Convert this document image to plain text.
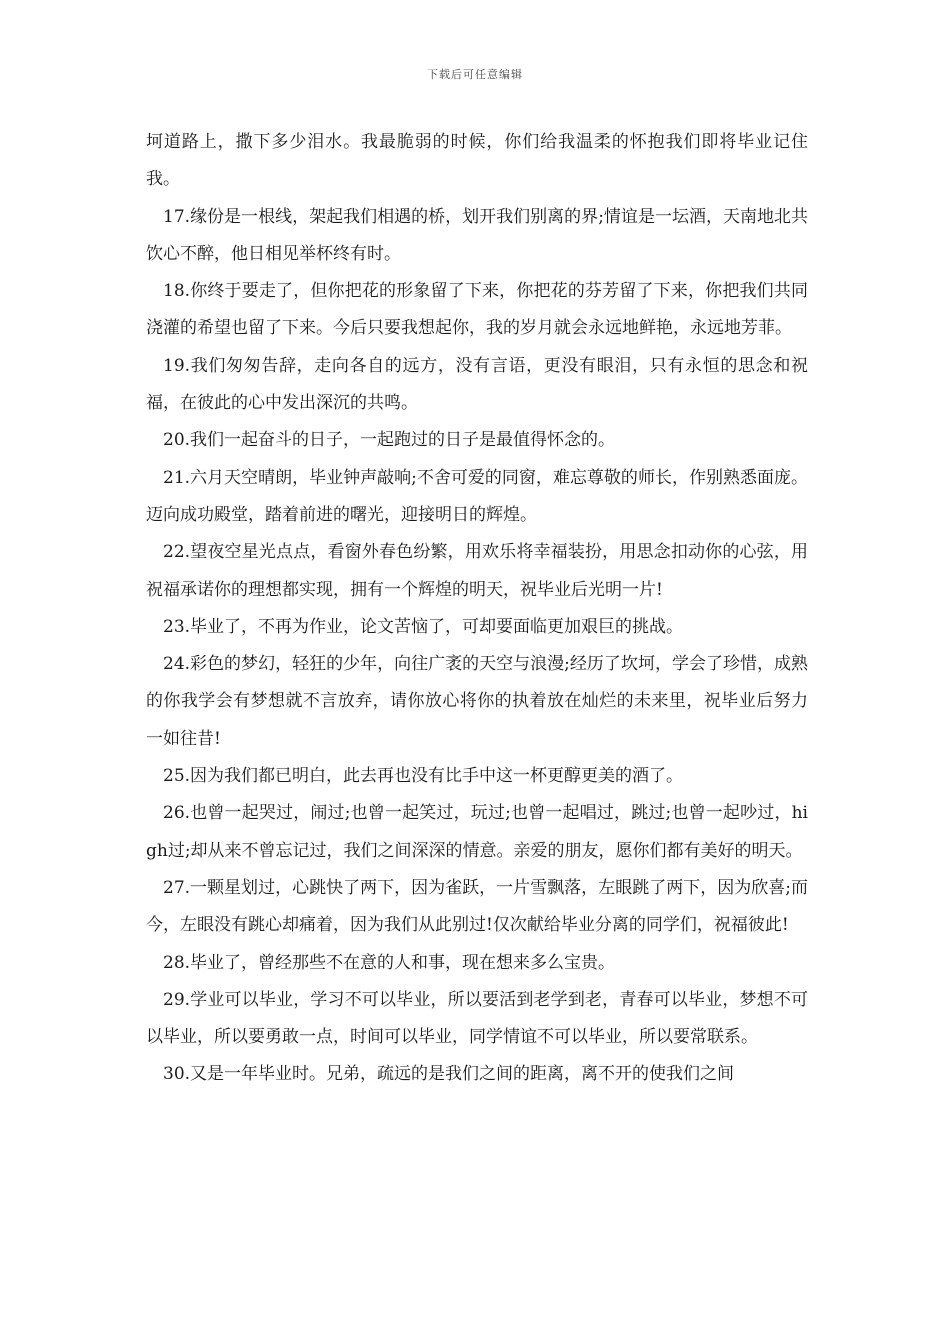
下载后可任意编辑

坷道路上，撒下多少泪水。我最脆弱的时候，你们给我温柔的怀抱我们即将毕业记住我。

17.缘份是一根线，架起我们相遇的桥，划开我们别离的界;情谊是一坛酒，天南地北共饮心不醉，他日相见举杯终有时。

18.你终于要走了，但你把花的形象留了下来，你把花的芬芳留了下来，你把我们共同浇灌的希望也留了下来。今后只要我想起你，我的岁月就会永远地鲜艳，永远地芳菲。

19.我们匆匆告辞，走向各自的远方，没有言语，更没有眼泪，只有永恒的思念和祝福，在彼此的心中发出深沉的共鸣。

20.我们一起奋斗的日子，一起跑过的日子是最值得怀念的。

21.六月天空晴朗，毕业钟声敲响;不舍可爱的同窗，难忘尊敬的师长，作别熟悉面庞。迈向成功殿堂，踏着前进的曙光，迎接明日的辉煌。

22.望夜空星光点点，看窗外春色纷繁，用欢乐将幸福装扮，用思念扣动你的心弦，用祝福承诺你的理想都实现，拥有一个辉煌的明天，祝毕业后光明一片!

23.毕业了，不再为作业，论文苦恼了，可却要面临更加艰巨的挑战。

24.彩色的梦幻，轻狂的少年，向往广袤的天空与浪漫;经历了坎坷，学会了珍惜，成熟的你我学会有梦想就不言放弃，请你放心将你的执着放在灿烂的未来里，祝毕业后努力一如往昔!

25.因为我们都已明白，此去再也没有比手中这一杯更醇更美的酒了。

26.也曾一起哭过，闹过;也曾一起笑过，玩过;也曾一起唱过，跳过;也曾一起吵过，high过;却从来不曾忘记过，我们之间深深的情意。亲爱的朋友，愿你们都有美好的明天。

27.一颗星划过，心跳快了两下，因为雀跃，一片雪飘落，左眼跳了两下，因为欣喜;而今，左眼没有跳心却痛着，因为我们从此别过!仅次献给毕业分离的同学们，祝福彼此!

28.毕业了，曾经那些不在意的人和事，现在想来多么宝贵。

29.学业可以毕业，学习不可以毕业，所以要活到老学到老，青春可以毕业，梦想不可以毕业，所以要勇敢一点，时间可以毕业，同学情谊不可以毕业，所以要常联系。

30.又是一年毕业时。兄弟，疏远的是我们之间的距离，离不开的使我们之间
